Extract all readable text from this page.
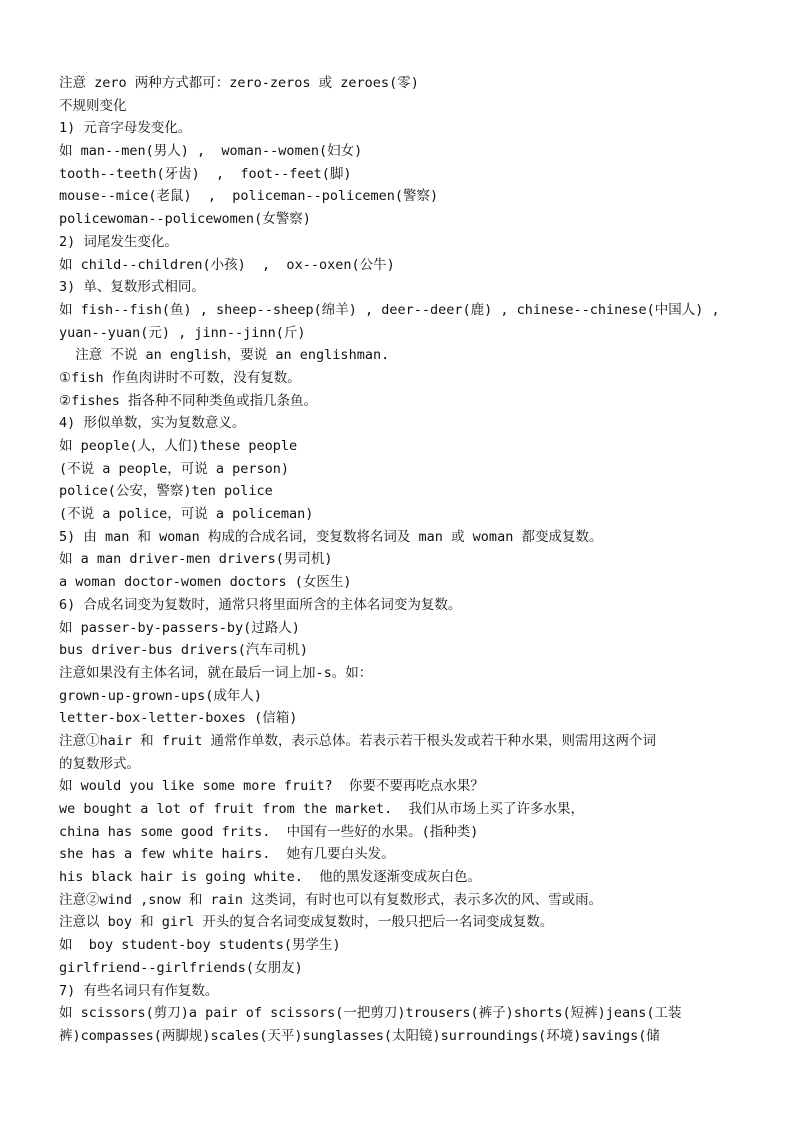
注意 zero 两种方式都可：zero-zeros 或 zeroes(零)
不规则变化
1) 元音字母发变化。
如 man--men(男人) ,  woman--women(妇女)
tooth--teeth(牙齿)  ,  foot--feet(脚)
mouse--mice(老鼠)  ,  policeman--policemen(警察)
policewoman--policewomen(女警察)
2) 词尾发生变化。
如 child--children(小孩)  ,  ox--oxen(公牛)
3) 单、复数形式相同。
如 fish--fish(鱼) , sheep--sheep(绵羊) , deer--deer(鹿) , chinese--chinese(中国人) ,
yuan--yuan(元) , jinn--jinn(斤)
注意 不说 an english，要说 an englishman.
①fish 作鱼肉讲时不可数，没有复数。
②fishes 指各种不同种类鱼或指几条鱼。
4) 形似单数，实为复数意义。
如 people(人，人们)these people
(不说 a people，可说 a person)
police(公安，警察)ten police
(不说 a police，可说 a policeman)
5) 由 man 和 woman 构成的合成名词，变复数将名词及 man 或 woman 都变成复数。
如 a man driver-men drivers(男司机)
a woman doctor-women doctors (女医生)
6) 合成名词变为复数时，通常只将里面所含的主体名词变为复数。
如 passer-by-passers-by(过路人)
bus driver-bus drivers(汽车司机)
注意如果没有主体名词，就在最后一词上加-s。如：
grown-up-grown-ups(成年人)
letter-box-letter-boxes (信箱)
注意①hair 和 fruit 通常作单数，表示总体。若表示若干根头发或若干种水果，则需用这两个词
的复数形式。
如 would you like some more fruit?  你要不要再吃点水果？
we bought a lot of fruit from the market.  我们从市场上买了许多水果，
china has some good frits.  中国有一些好的水果。(指种类)
she has a few white hairs.  她有几要白头发。
his black hair is going white.  他的黑发逐渐变成灰白色。
注意②wind ,snow 和 rain 这类词，有时也可以有复数形式，表示多次的风、雪或雨。
注意以 boy 和 girl 开头的复合名词变成复数时，一般只把后一名词变成复数。
如  boy student-boy students(男学生)
girlfriend--girlfriends(女朋友)
7) 有些名词只有作复数。
如 scissors(剪刀)a pair of scissors(一把剪刀)trousers(裤子)shorts(短裤)jeans(工装
裤)compasses(两脚规)scales(天平)sunglasses(太阳镜)surroundings(环境)savings(储
